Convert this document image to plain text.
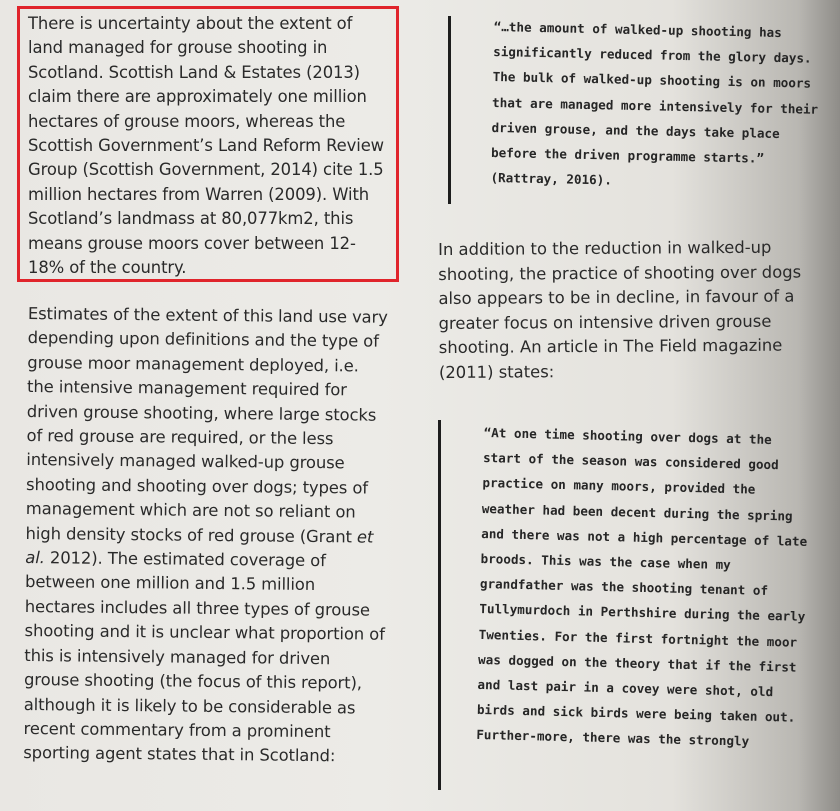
There is uncertainty about the extent of land managed for grouse shooting in Scotland. Scottish Land & Estates (2013) claim there are approximately one million hectares of grouse moors, whereas the Scottish Government’s Land Reform Review Group (Scottish Government, 2014) cite 1.5 million hectares from Warren (2009). With Scotland’s landmass at 80,077km2, this means grouse moors cover between 12-18% of the country.

Estimates of the extent of this land use vary depending upon definitions and the type of grouse moor management deployed, i.e. the intensive management required for driven grouse shooting, where large stocks of red grouse are required, or the less intensively managed walked-up grouse shooting and shooting over dogs; types of management which are not so reliant on high density stocks of red grouse (Grant et al. 2012). The estimated coverage of between one million and 1.5 million hectares includes all three types of grouse shooting and it is unclear what proportion of this is intensively managed for driven grouse shooting (the focus of this report), although it is likely to be considerable as recent commentary from a prominent sporting agent states that in Scotland:

“…the amount of walked-up shooting has significantly reduced from the glory days. The bulk of walked-up shooting is on moors that are managed more intensively for their driven grouse, and the days take place before the driven programme starts.” (Rattray, 2016).

In addition to the reduction in walked-up shooting, the practice of shooting over dogs also appears to be in decline, in favour of a greater focus on intensive driven grouse shooting. An article in The Field magazine (2011) states:

“At one time shooting over dogs at the start of the season was considered good practice on many moors, provided the weather had been decent during the spring and there was not a high percentage of late broods. This was the case when my grandfather was the shooting tenant of Tullymurdoch in Perthshire during the early Twenties. For the first fortnight the moor was dogged on the theory that if the first and last pair in a covey were shot, old birds and sick birds were being taken out. Further-more, there was the strongly
